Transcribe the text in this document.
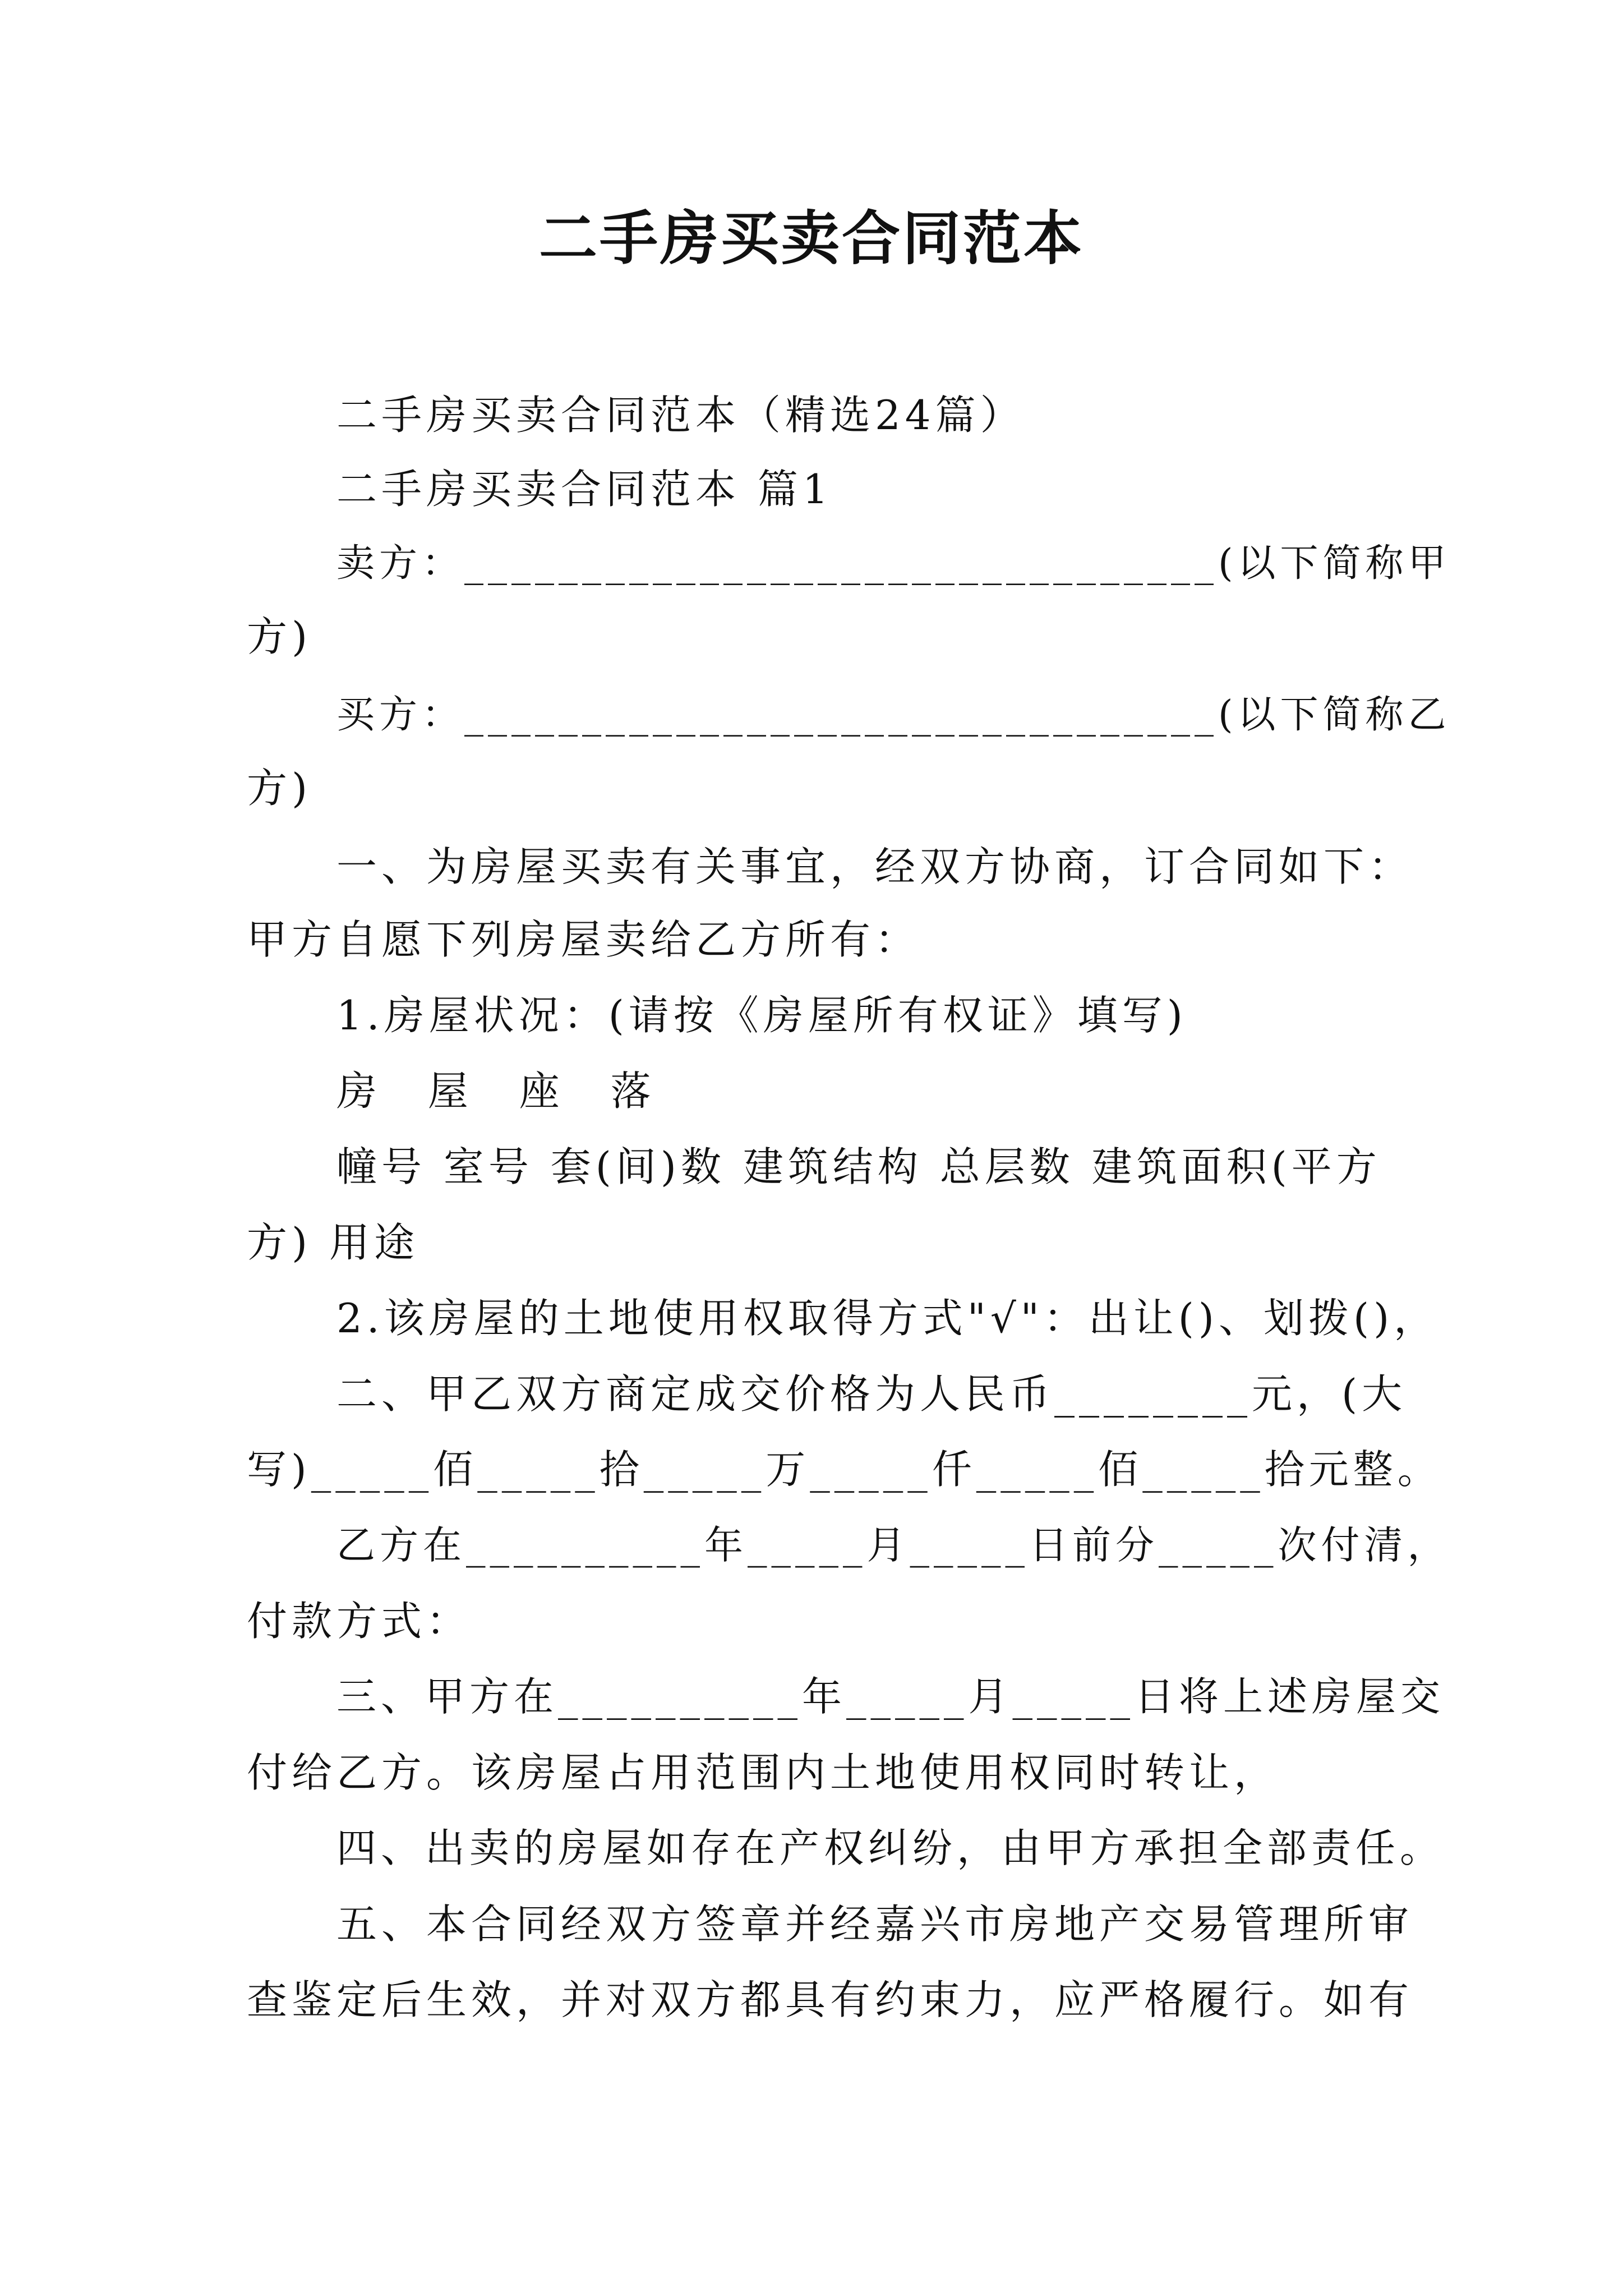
二手房买卖合同范本
二手房买卖合同范本（精选24篇）
二手房买卖合同范本 篇1
卖方：________________________________(以下简称甲
方)
买方：________________________________(以下简称乙
方)
一、为房屋买卖有关事宜，经双方协商，订合同如下：
甲方自愿下列房屋卖给乙方所有：
1.房屋状况：(请按《房屋所有权证》填写)
房 屋 座 落
幢号 室号 套(间)数 建筑结构 总层数 建筑面积(平方
方) 用途
2.该房屋的土地使用权取得方式"√"：出让()、划拨()，
二、甲乙双方商定成交价格为人民币________元，(大
写)_____佰_____拾_____万_____仟_____佰_____拾元整。
乙方在__________年_____月_____日前分_____次付清，
付款方式：
三、甲方在__________年_____月_____日将上述房屋交
付给乙方。该房屋占用范围内土地使用权同时转让，
四、出卖的房屋如存在产权纠纷，由甲方承担全部责任。
五、本合同经双方签章并经嘉兴市房地产交易管理所审
查鉴定后生效，并对双方都具有约束力，应严格履行。如有
